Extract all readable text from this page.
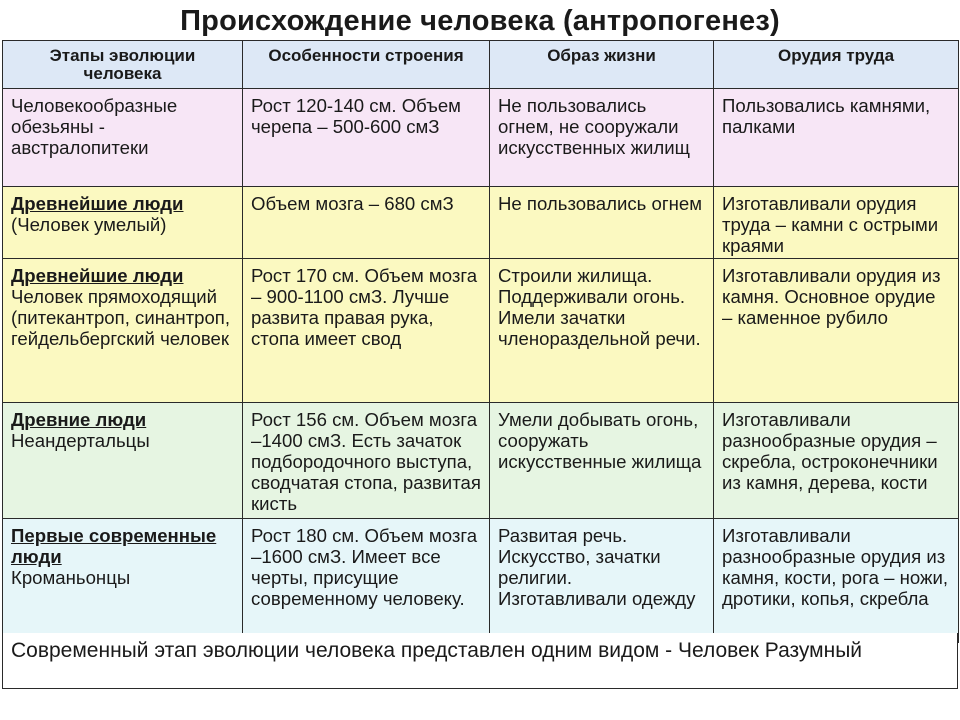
Происхождение человека (антропогенез)
Этапы эволюции человека	Особенности строения	Образ жизни	Орудия труда

Человекообразные обезьяны - австралопитеки	Рост 120-140 см. Объем черепа – 500-600 смЗ	Не пользовались огнем, не сооружали искусственных жилищ	Пользовались камнями, палками

Древнейшие люди
(Человек умелый)	Объем мозга – 680 смЗ	Не пользовались огнем	Изготавливали орудия труда – камни с острыми краями

Древнейшие люди
Человек прямоходящий (питекантроп, синантроп, гейдельбергский человек	Рост 170 см. Объем мозга – 900-1100 смЗ. Лучше развита правая рука, стопа имеет свод	Строили жилища. Поддерживали огонь. Имели зачатки членораздельной речи.	Изготавливали орудия из камня. Основное орудие – каменное рубило

Древние люди
Неандертальцы	Рост 156 см. Объем мозга –1400 смЗ. Есть зачаток подбородочного выступа, сводчатая стопа, развитая кисть	Умели добывать огонь, сооружать искусственные жилища	Изготавливали разнообразные орудия – скребла, остроконечники из камня, дерева, кости

Первые современные люди
Кроманьонцы	Рост 180 см. Объем мозга –1600 смЗ. Имеет все черты, присущие современному человеку.	Развитая речь. Искусство, зачатки религии. Изготавливали одежду	Изготавливали разнообразные орудия из камня, кости, рога – ножи, дротики, копья, скребла
Современный этап эволюции человека представлен одним видом - Человек Разумный
